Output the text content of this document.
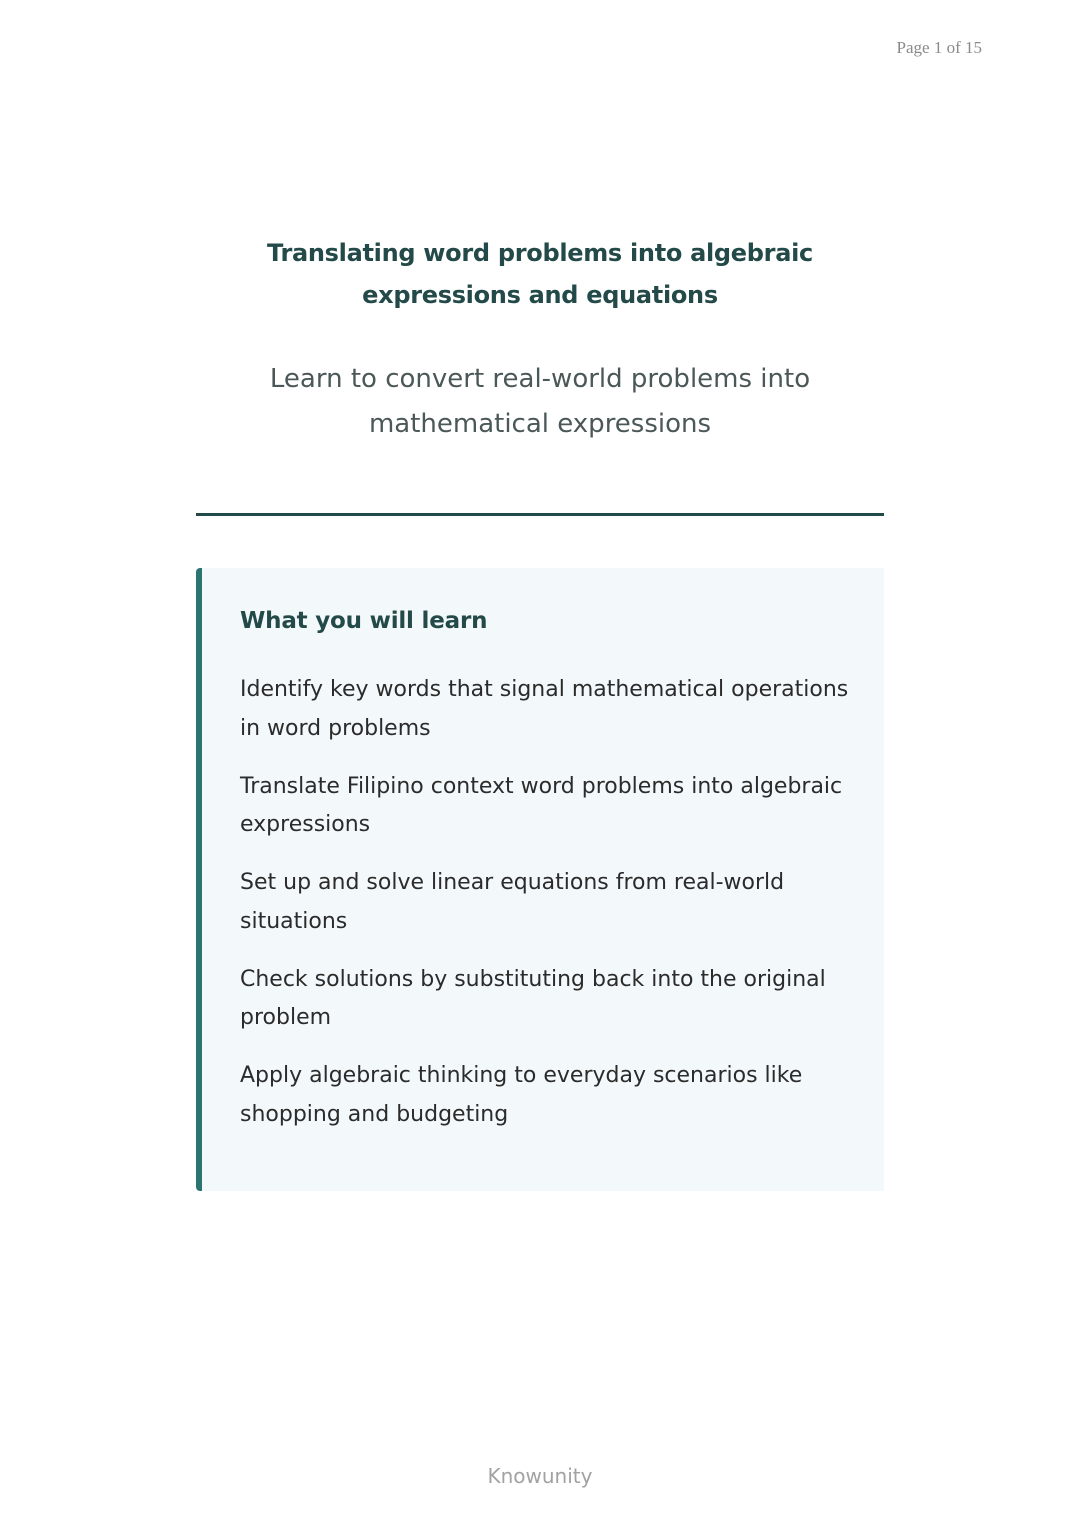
Page 1 of 15
Translating word problems into algebraic expressions and equations
Learn to convert real-world problems into mathematical expressions
What you will learn
Identify key words that signal mathematical operations in word problems
Translate Filipino context word problems into algebraic expressions
Set up and solve linear equations from real-world situations
Check solutions by substituting back into the original problem
Apply algebraic thinking to everyday scenarios like shopping and budgeting
Knowunity
